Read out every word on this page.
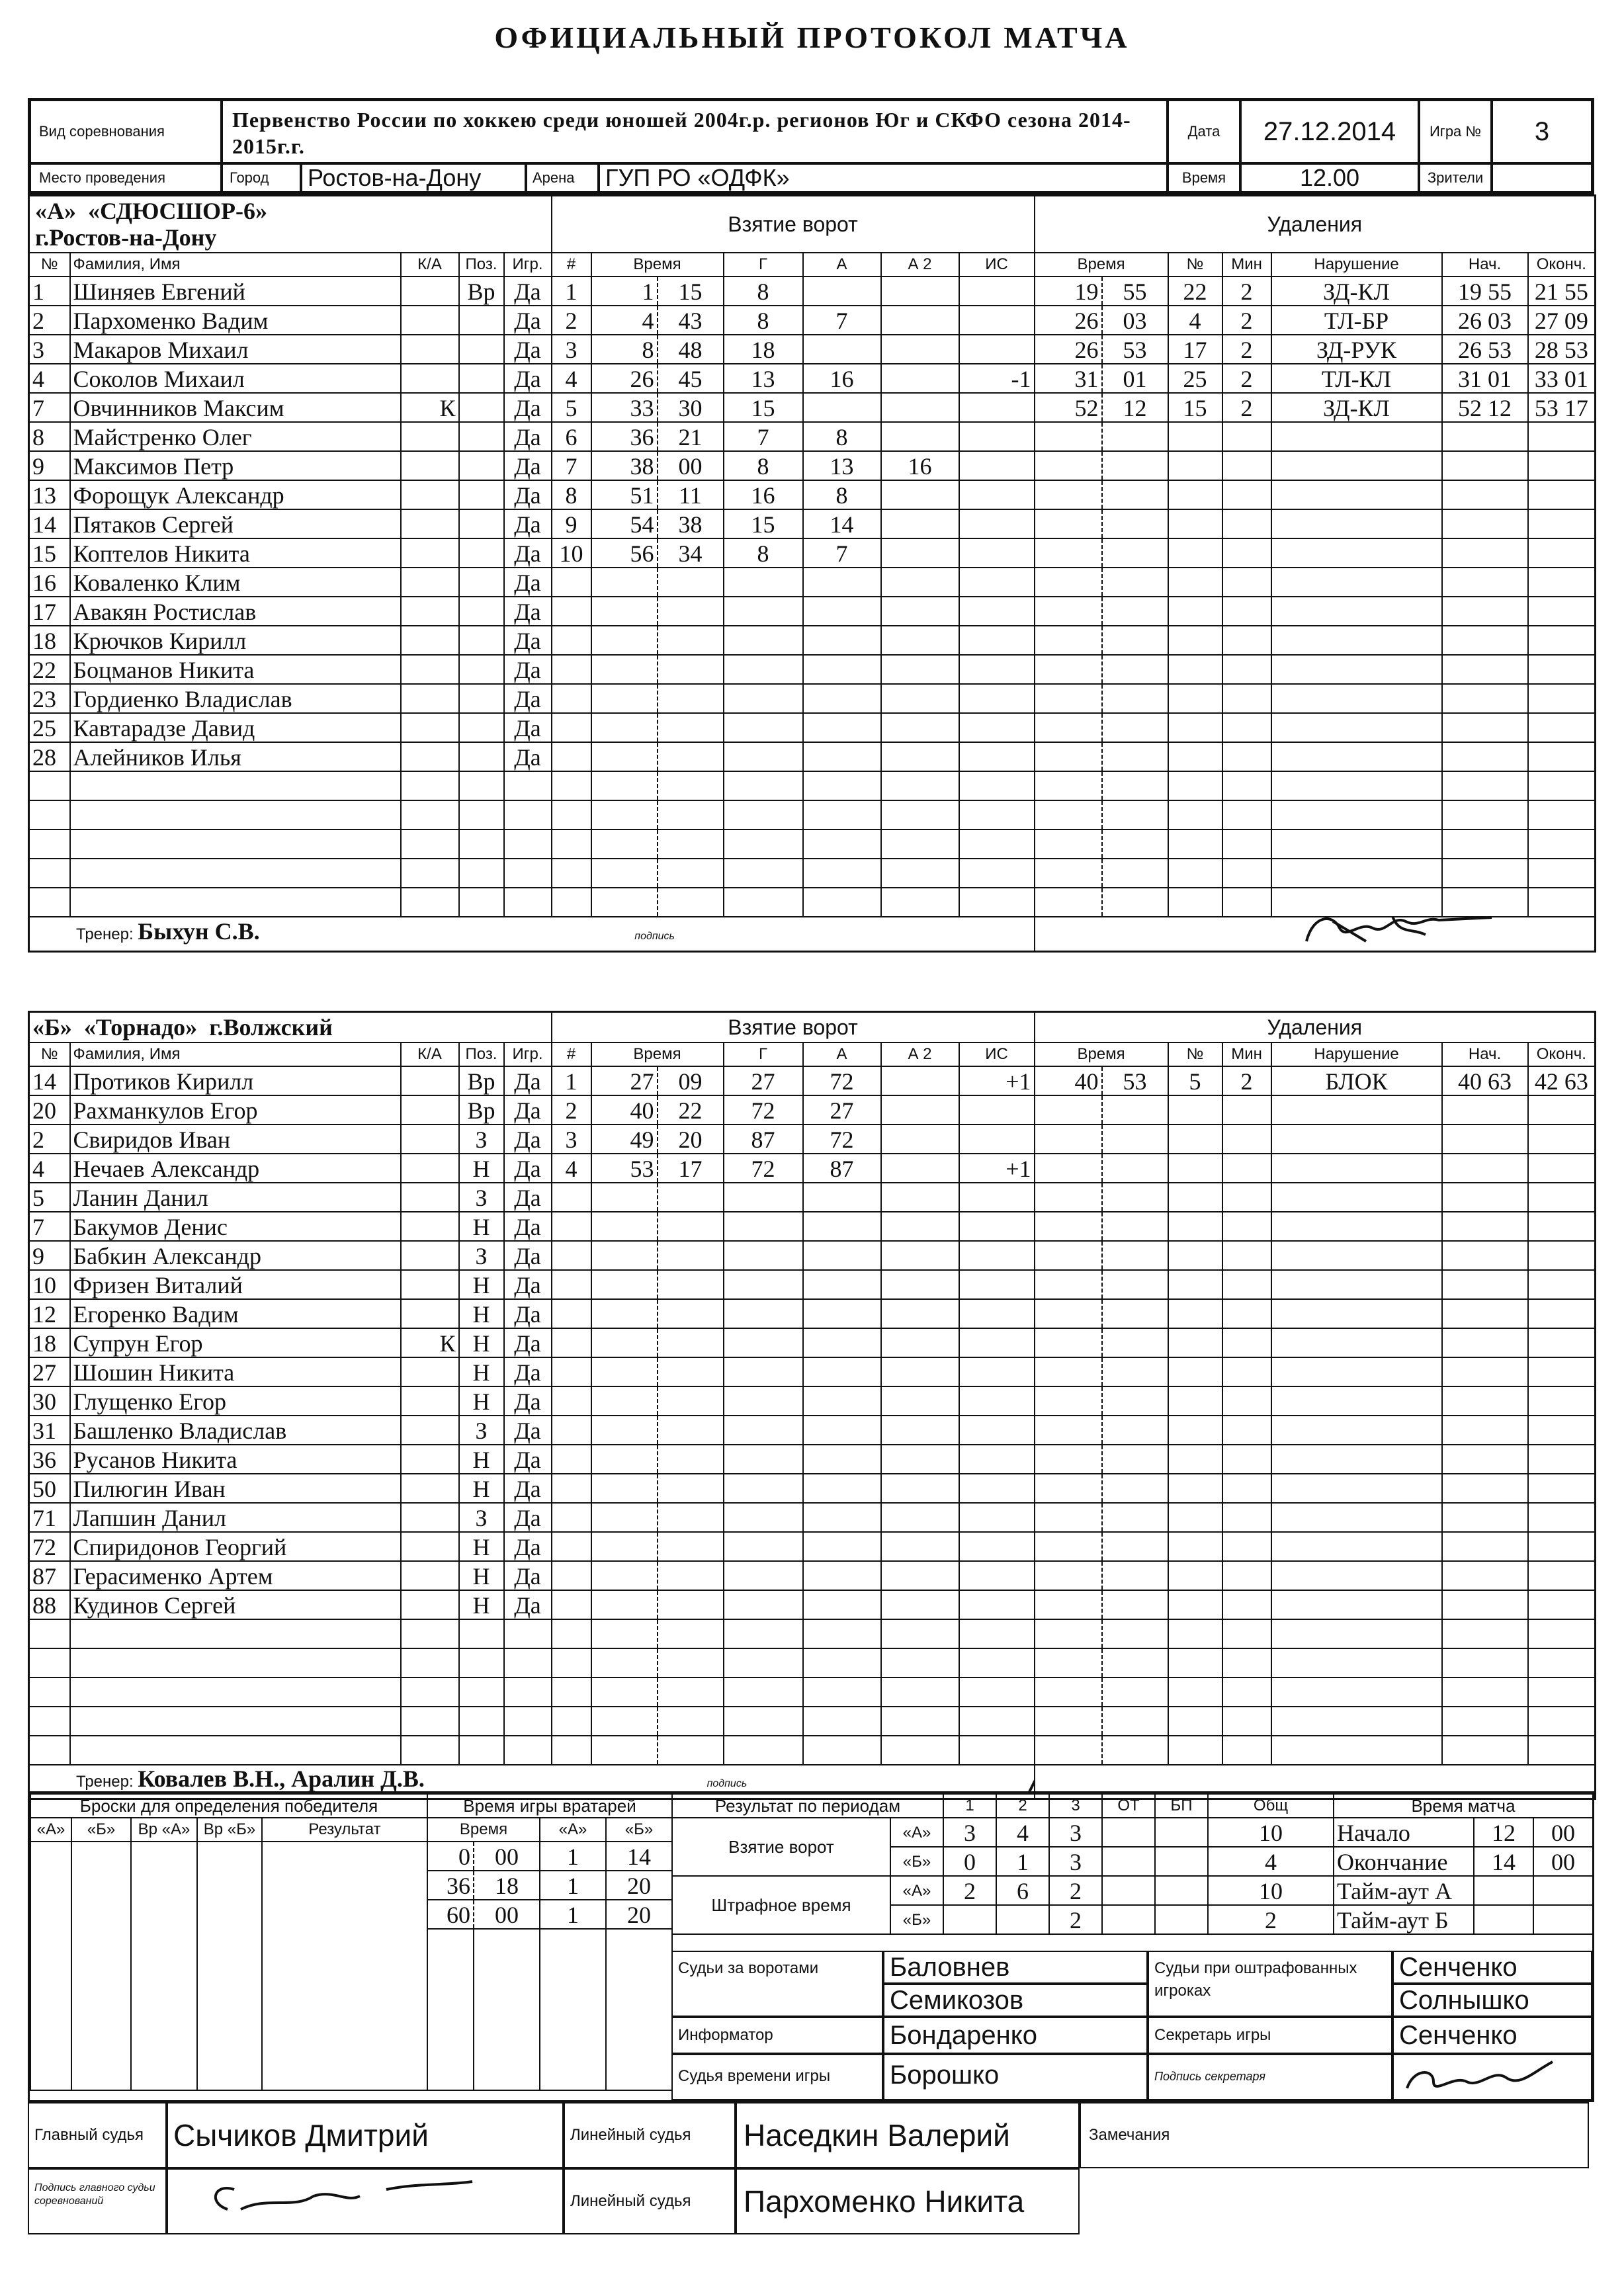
ОФИЦИАЛЬНЫЙ ПРОТОКОЛ МАТЧА
Вид соревнования	Первенство России по хоккею среди юношей 2004г.р. регионов Юг и СКФО сезона 2014-2015г.г.
Дата	27.12.2014	Игра №	3
Место проведения	Город	Ростов-на-Дону	Арена	ГУП РО «ОДФК»	Время	12.00	Зрители
«А» «СДЮСШОР-6»
г.Ростов-на-Дону					Взятие ворот							Удаления						
№	Фамилия, Имя	К/А	Поз.	Игр.	#	Время		Г	А	А 2	ИС	Время		№	Мин	Нарушение	Нач.	Оконч.
1	Шиняев Евгений		Вр	Да	1	1	15	8				19	55	22	2	ЗД-КЛ	19 55	21 55
2	Пархоменко Вадим			Да	2	4	43	8	7			26	03	4	2	ТЛ-БР	26 03	27 09
3	Макаров Михаил			Да	3	8	48	18				26	53	17	2	ЗД-РУК	26 53	28 53
4	Соколов Михаил			Да	4	26	45	13	16		-1	31	01	25	2	ТЛ-КЛ	31 01	33 01
7	Овчинников Максим	К		Да	5	33	30	15				52	12	15	2	ЗД-КЛ	52 12	53 17
8	Майстренко Олег			Да	6	36	21	7	8									
9	Максимов Петр			Да	7	38	00	8	13	16								
13	Форощук Александр			Да	8	51	11	16	8									
14	Пятаков Сергей			Да	9	54	38	15	14									
15	Коптелов Никита			Да	10	56	34	8	7									
16	Коваленко Клим			Да														
17	Авакян Ростислав			Да														
18	Крючков Кирилл			Да														
22	Боцманов Никита			Да														
23	Гордиенко Владислав			Да														
25	Кавтарадзе Давид			Да														
28	Алейников Илья			Да														

Тренер: Быхун С.В. подпись	
«Б» «Торнадо» г.Волжский					Взятие ворот							Удаления						
№	Фамилия, Имя	К/А	Поз.	Игр.	#	Время		Г	А	А 2	ИС	Время		№	Мин	Нарушение	Нач.	Оконч.
14	Протиков Кирилл		Вр	Да	1	27	09	27	72		+1	40	53	5	2	БЛОК	40 63	42 63
20	Рахманкулов Егор		Вр	Да	2	40	22	72	27									
2	Свиридов Иван		З	Да	3	49	20	87	72									
4	Нечаев Александр		Н	Да	4	53	17	72	87		+1							
5	Ланин Данил		З	Да														
7	Бакумов Денис		Н	Да														
9	Бабкин Александр		З	Да														
10	Фризен Виталий		Н	Да														
12	Егоренко Вадим		Н	Да														
18	Супрун Егор	К	Н	Да														
27	Шошин Никита		Н	Да														
30	Глущенко Егор		Н	Да														
31	Башленко Владислав		З	Да														
36	Русанов Никита		Н	Да														
50	Пилюгин Иван		Н	Да														
71	Лапшин Данил		З	Да														
72	Спиридонов Георгий		Н	Да														
87	Герасименко Артем		Н	Да														
88	Кудинов Сергей		Н	Да														

Тренер: Ковалев В.Н., Аралин Д.В. подпись																	

Броски для определения победителя				
«А»	«Б»	Вр «А»	Вр «Б»	Результат

Время игры вратарей			
Время		«А»	«Б»
0	00	1	14
36	18	1	20
60	00	1	20

Результат по периодам		1	2	3	ОТ	БП	Общ
Взятие ворот	«А»	3	4	3			10
	«Б»	0	1	3			4
Штрафное время	«А»	2	6	2			10
	«Б»			2			2
Время матча		
Начало	12	00
Окончание	14	00
Тайм-аут А		
Тайм-аут Б		
Судьи за воротами	Баловнев
Семикозов
Судьи при оштрафованных игроках
Сенченко
Солнышко
Информатор	Бондаренко	Секретарь игры	Сенченко
Судья времени игры	Борошко	Подпись секретаря
Главный судья Сычиков Дмитрий	Линейный судья	Наседкин Валерий	Замечания
Подпись главного судьи соревнований	Линейный судья	Пархоменко Никита
